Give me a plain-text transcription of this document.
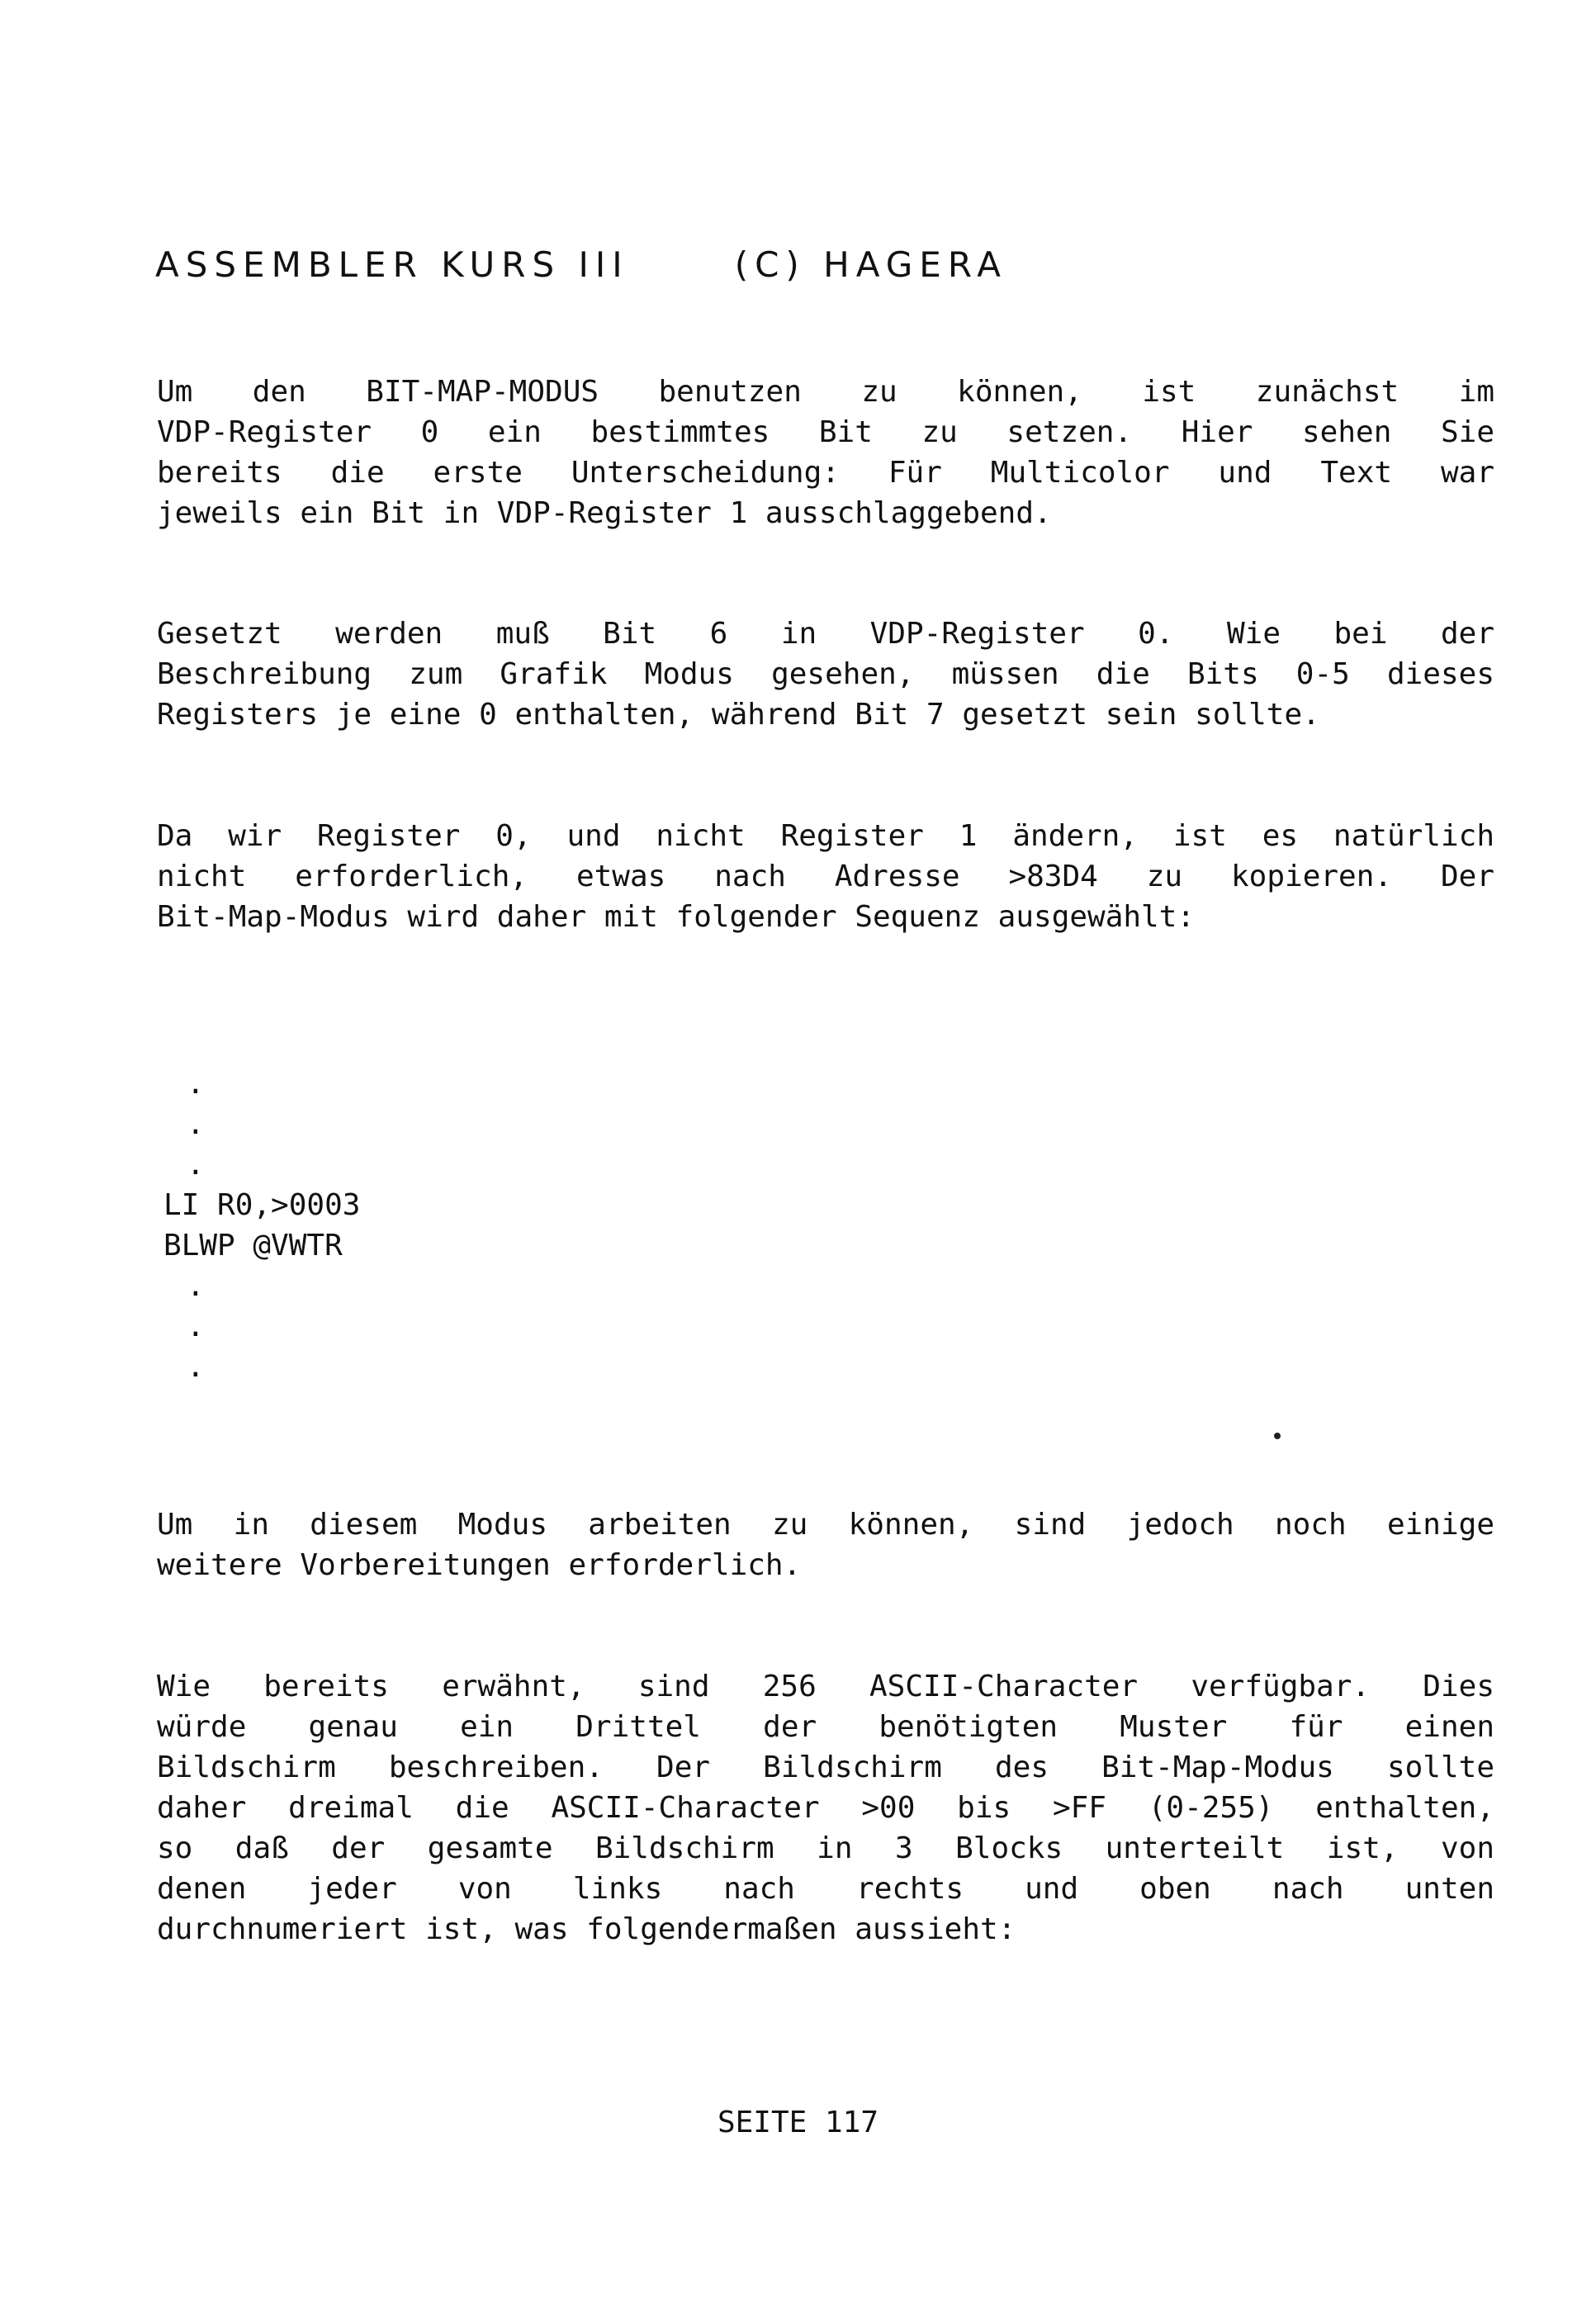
ASSEMBLER KURS III      (C) HAGERA
Um den BIT-MAP-MODUS benutzen zu können, ist zunächst im
VDP-Register 0 ein bestimmtes Bit zu setzen. Hier sehen Sie
bereits die erste Unterscheidung: Für Multicolor und Text war
jeweils ein Bit in VDP-Register 1 ausschlaggebend.
Gesetzt werden muß Bit 6 in VDP-Register 0. Wie bei der
Beschreibung zum Grafik Modus gesehen, müssen die Bits 0-5 dieses
Registers je eine 0 enthalten, während Bit 7 gesetzt sein sollte.
Da wir Register 0, und nicht Register 1 ändern, ist es natürlich
nicht erforderlich, etwas nach Adresse >83D4 zu kopieren. Der
Bit-Map-Modus wird daher mit folgender Sequenz ausgewählt:
.
.
.
LI R0,>0003
BLWP @VWTR
.
.
.
Um in diesem Modus arbeiten zu können, sind jedoch noch einige
weitere Vorbereitungen erforderlich.
Wie bereits erwähnt, sind 256 ASCII-Character verfügbar. Dies
würde genau ein Drittel der benötigten Muster für einen
Bildschirm beschreiben. Der Bildschirm des Bit-Map-Modus sollte
daher dreimal die ASCII-Character >00 bis >FF (0-255) enthalten,
so daß der gesamte Bildschirm in 3 Blocks unterteilt ist, von
denen jeder von links nach rechts und oben nach unten
durchnumeriert ist, was folgendermaßen aussieht:
SEITE 117
